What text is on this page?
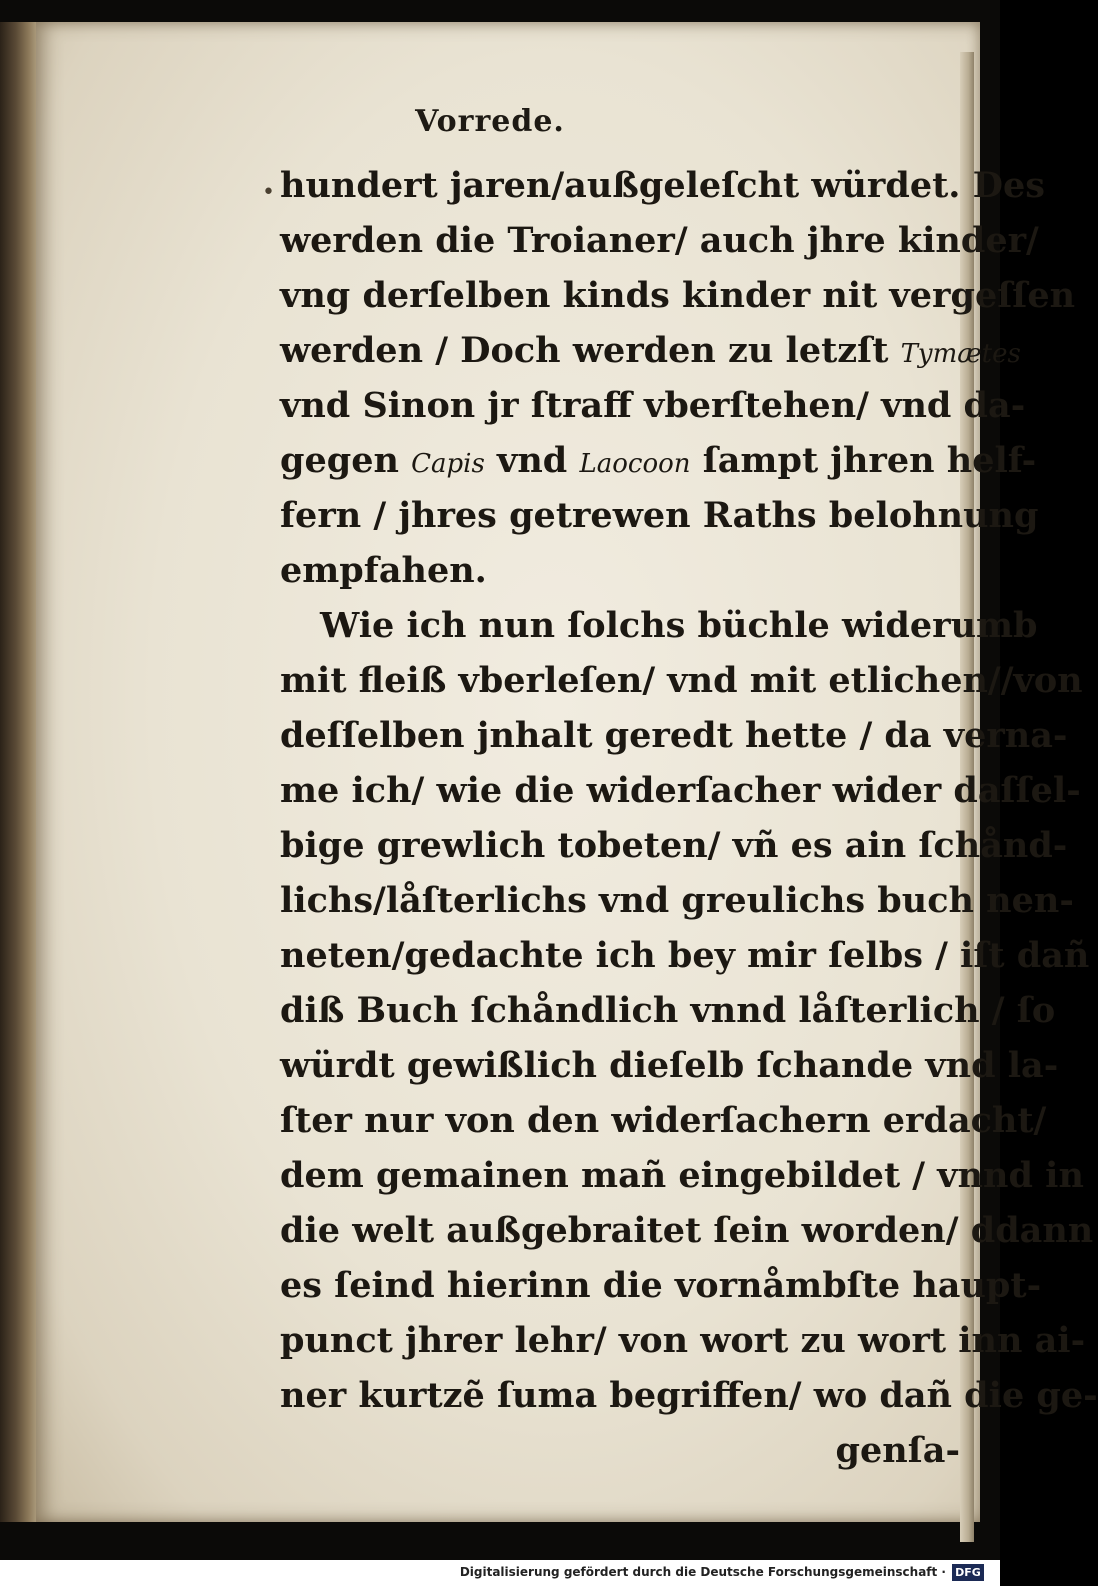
Vorrede.
• hundert jaren/außgeleſcht würdet. Des
werden die Troianer/ auch jhre kinder/
vng derſelben kinds kinder nit vergeſſen
werden / Doch werden zu letzſt Tymætes
vnd Sinon jr ſtraff vberſtehen/ vnd da-
gegen Capis vnd Laocoon ſampt jhren helf-
fern / jhres getrewen Raths belohnung
empfahen.
Wie ich nun ſolchs büchle widerumb
mit fleiß vberleſen/ vnd mit etlichen//von
deſſelben jnhalt geredt hette / da verna-
me ich/ wie die widerſacher wider daſſel-
bige grewlich tobeten/ vñ es ain ſchånd-
lichs/låſterlichs vnd greulichs buch nen-
neten/gedachte ich bey mir ſelbs / iſt dañ
diß Buch ſchåndlich vnnd låſterlich / ſo
würdt gewißlich dieſelb ſchande vnd la-
ſter nur von den widerſachern erdacht/
dem gemainen mañ eingebildet / vnnd in
die welt außgebraitet ſein worden/ ddann
es ſeind hierinn die vornåmbſte haupt-
punct jhrer lehr/ von wort zu wort inn ai-
ner kurtzẽ ſuma begriffen/ wo dañ die ge-
genſa-
Digitalisierung gefördert durch die Deutsche Forschungsgemeinschaft · DFG
